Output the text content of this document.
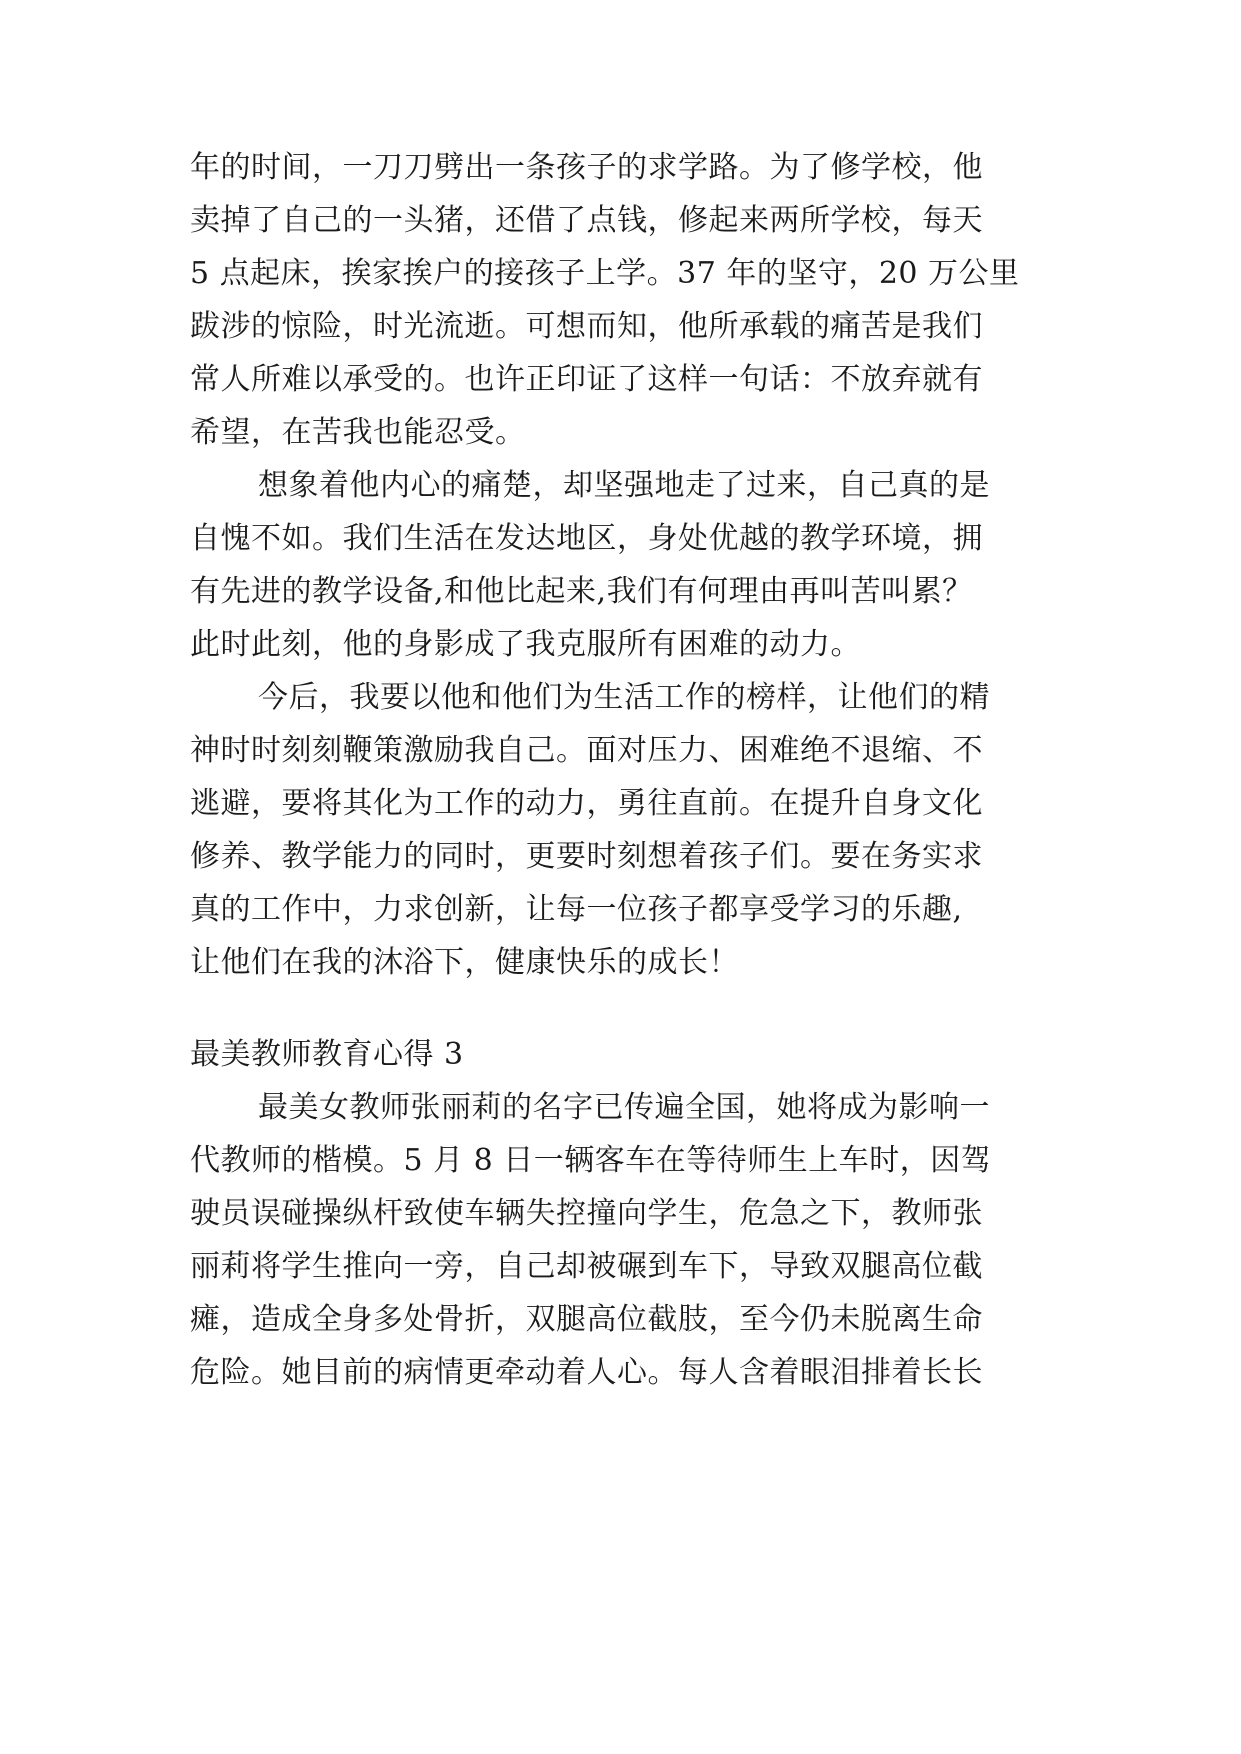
年的时间，一刀刀劈出一条孩子的求学路。为了修学校，他
卖掉了自己的一头猪，还借了点钱，修起来两所学校，每天
5 点起床，挨家挨户的接孩子上学。37 年的坚守，20 万公里
跋涉的惊险，时光流逝。可想而知，他所承载的痛苦是我们
常人所难以承受的。也许正印证了这样一句话：不放弃就有
希望，在苦我也能忍受。
想象着他内心的痛楚，却坚强地走了过来，自己真的是
自愧不如。我们生活在发达地区，身处优越的教学环境，拥
有先进的教学设备,和他比起来,我们有何理由再叫苦叫累？
此时此刻，他的身影成了我克服所有困难的动力。
今后，我要以他和他们为生活工作的榜样，让他们的精
神时时刻刻鞭策激励我自己。面对压力、困难绝不退缩、不
逃避，要将其化为工作的动力，勇往直前。在提升自身文化
修养、教学能力的同时，更要时刻想着孩子们。要在务实求
真的工作中，力求创新，让每一位孩子都享受学习的乐趣,
让他们在我的沐浴下，健康快乐的成长！
最美教师教育心得 3
最美女教师张丽莉的名字已传遍全国，她将成为影响一
代教师的楷模。5 月 8 日一辆客车在等待师生上车时，因驾
驶员误碰操纵杆致使车辆失控撞向学生，危急之下，教师张
丽莉将学生推向一旁，自己却被碾到车下，导致双腿高位截
瘫，造成全身多处骨折，双腿高位截肢，至今仍未脱离生命
危险。她目前的病情更牵动着人心。每人含着眼泪排着长长
